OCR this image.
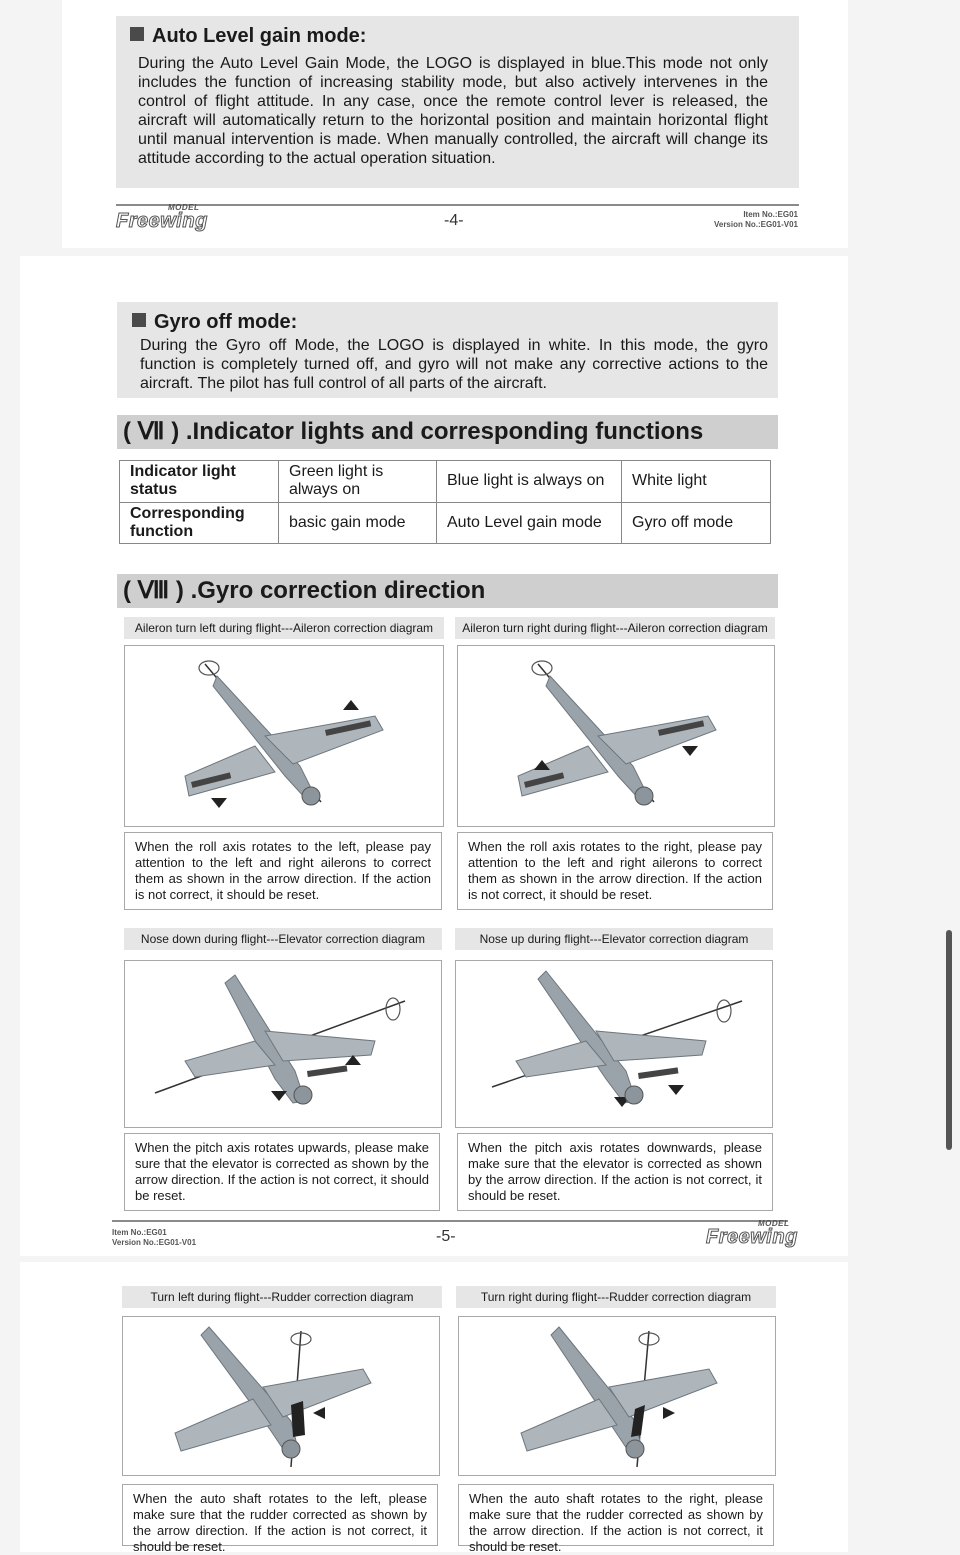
Auto Level gain mode:
During the Auto Level Gain Mode, the LOGO is displayed in blue.This mode not only includes the function of increasing stability mode, but also actively intervenes in the control of flight attitude. In any case, once the remote control lever is released, the aircraft will automatically return to the horizontal position and maintain horizontal flight until manual intervention is made. When manually controlled, the aircraft will change its attitude according to the actual operation situation.
Freewing
MODEL
-4-	Item No.:EG01
Version No.:EG01-V01
Gyro off mode:
During the Gyro off Mode, the LOGO is displayed in white. In this mode, the gyro function is completely turned off, and gyro will not make any corrective actions to the aircraft. The pilot has full control of all parts of the aircraft.
( Ⅶ ) .Indicator lights and corresponding functions
Indicator light status	Green light is always on	Blue light is always on	White light
Corresponding function	basic gain mode	Auto Level gain mode	Gyro off mode
( Ⅷ ) .Gyro correction direction
Aileron turn left during flight---Aileron correction diagram
When the roll axis rotates to the left, please pay attention to the left and right ailerons to correct them as shown in the arrow direction. If the action is not correct, it should be reset.
Aileron turn right during flight---Aileron correction diagram
When the roll axis rotates to the right, please pay attention to the left and right ailerons to correct them as shown in the arrow direction. If the action is not correct, it should be reset.
Nose down during flight---Elevator correction diagram
When the pitch axis rotates upwards, please make sure that the elevator is corrected as shown by the arrow direction. If the action is not correct, it should be reset.
Nose up during flight---Elevator correction diagram
When the pitch axis rotates downwards, please make sure that the elevator is corrected as shown by the arrow direction. If the action is not correct, it should be reset.
Item No.:EG01
Version No.:EG01-V01	-5-	Freewing
MODEL
Turn left during flight---Rudder correction diagram
When the auto shaft rotates to the left, please make sure that the rudder corrected as shown by the arrow direction. If the action is not correct, it should be reset.
Turn right during flight---Rudder correction diagram
When the auto shaft rotates to the right, please make sure that the rudder corrected as shown by the arrow direction. If the action is not correct, it should be reset.
